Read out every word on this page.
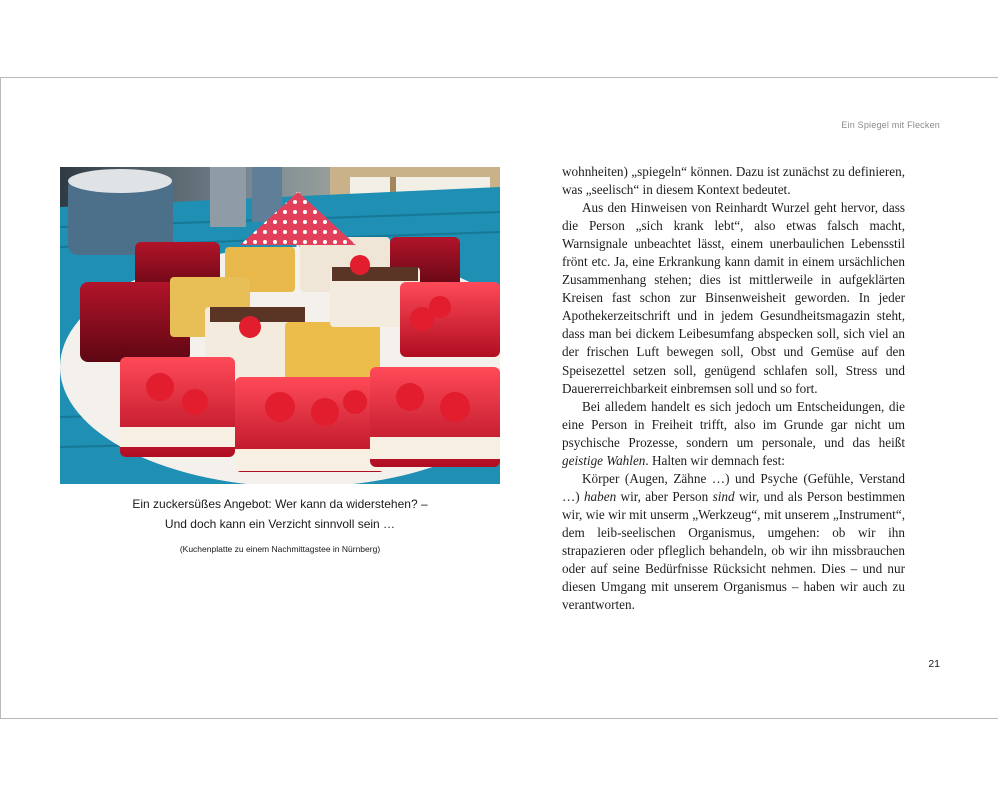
Ein Spiegel mit Flecken
Ein zuckersüßes Angebot: Wer kann da widerstehen? –
Und doch kann ein Verzicht sinnvoll sein …
(Kuchenplatte zu einem Nachmittagstee in Nürnberg)

wohnheiten) „spiegeln“ können. Dazu ist zunächst zu definieren, was „seelisch“ in diesem Kontext bedeutet.

Aus den Hinweisen von Reinhardt Wurzel geht hervor, dass die Person „sich krank lebt“, also etwas falsch macht, Warnsignale unbeachtet lässt, einem unerbaulichen Lebensstil frönt etc. Ja, eine Erkrankung kann damit in einem ursächlichen Zusammenhang stehen; dies ist mittlerweile in aufgeklärten Kreisen fast schon zur Binsenweisheit geworden. In jeder Apothekerzeitschrift und in jedem Gesundheitsmagazin steht, dass man bei dickem Leibesumfang abspecken soll, sich viel an der frischen Luft bewegen soll, Obst und Gemüse auf den Speisezettel setzen soll, genügend schlafen soll, Stress und Dauererreichbarkeit einbremsen soll und so fort.

Bei alledem handelt es sich jedoch um Entscheidungen, die eine Person in Freiheit trifft, also im Grunde gar nicht um psychische Prozesse, sondern um personale, und das heißt geistige Wahlen. Halten wir demnach fest:

Körper (Augen, Zähne …) und Psyche (Gefühle, Verstand …) haben wir, aber Person sind wir, und als Person bestimmen wir, wie wir mit unserm „Werkzeug“, mit unserem „Instrument“, dem leib-seelischen Organismus, umgehen: ob wir ihn strapazieren oder pfleglich behandeln, ob wir ihn missbrauchen oder auf seine Bedürfnisse Rücksicht nehmen. Dies – und nur diesen Umgang mit unserem Organismus – haben wir auch zu verantworten.

21
